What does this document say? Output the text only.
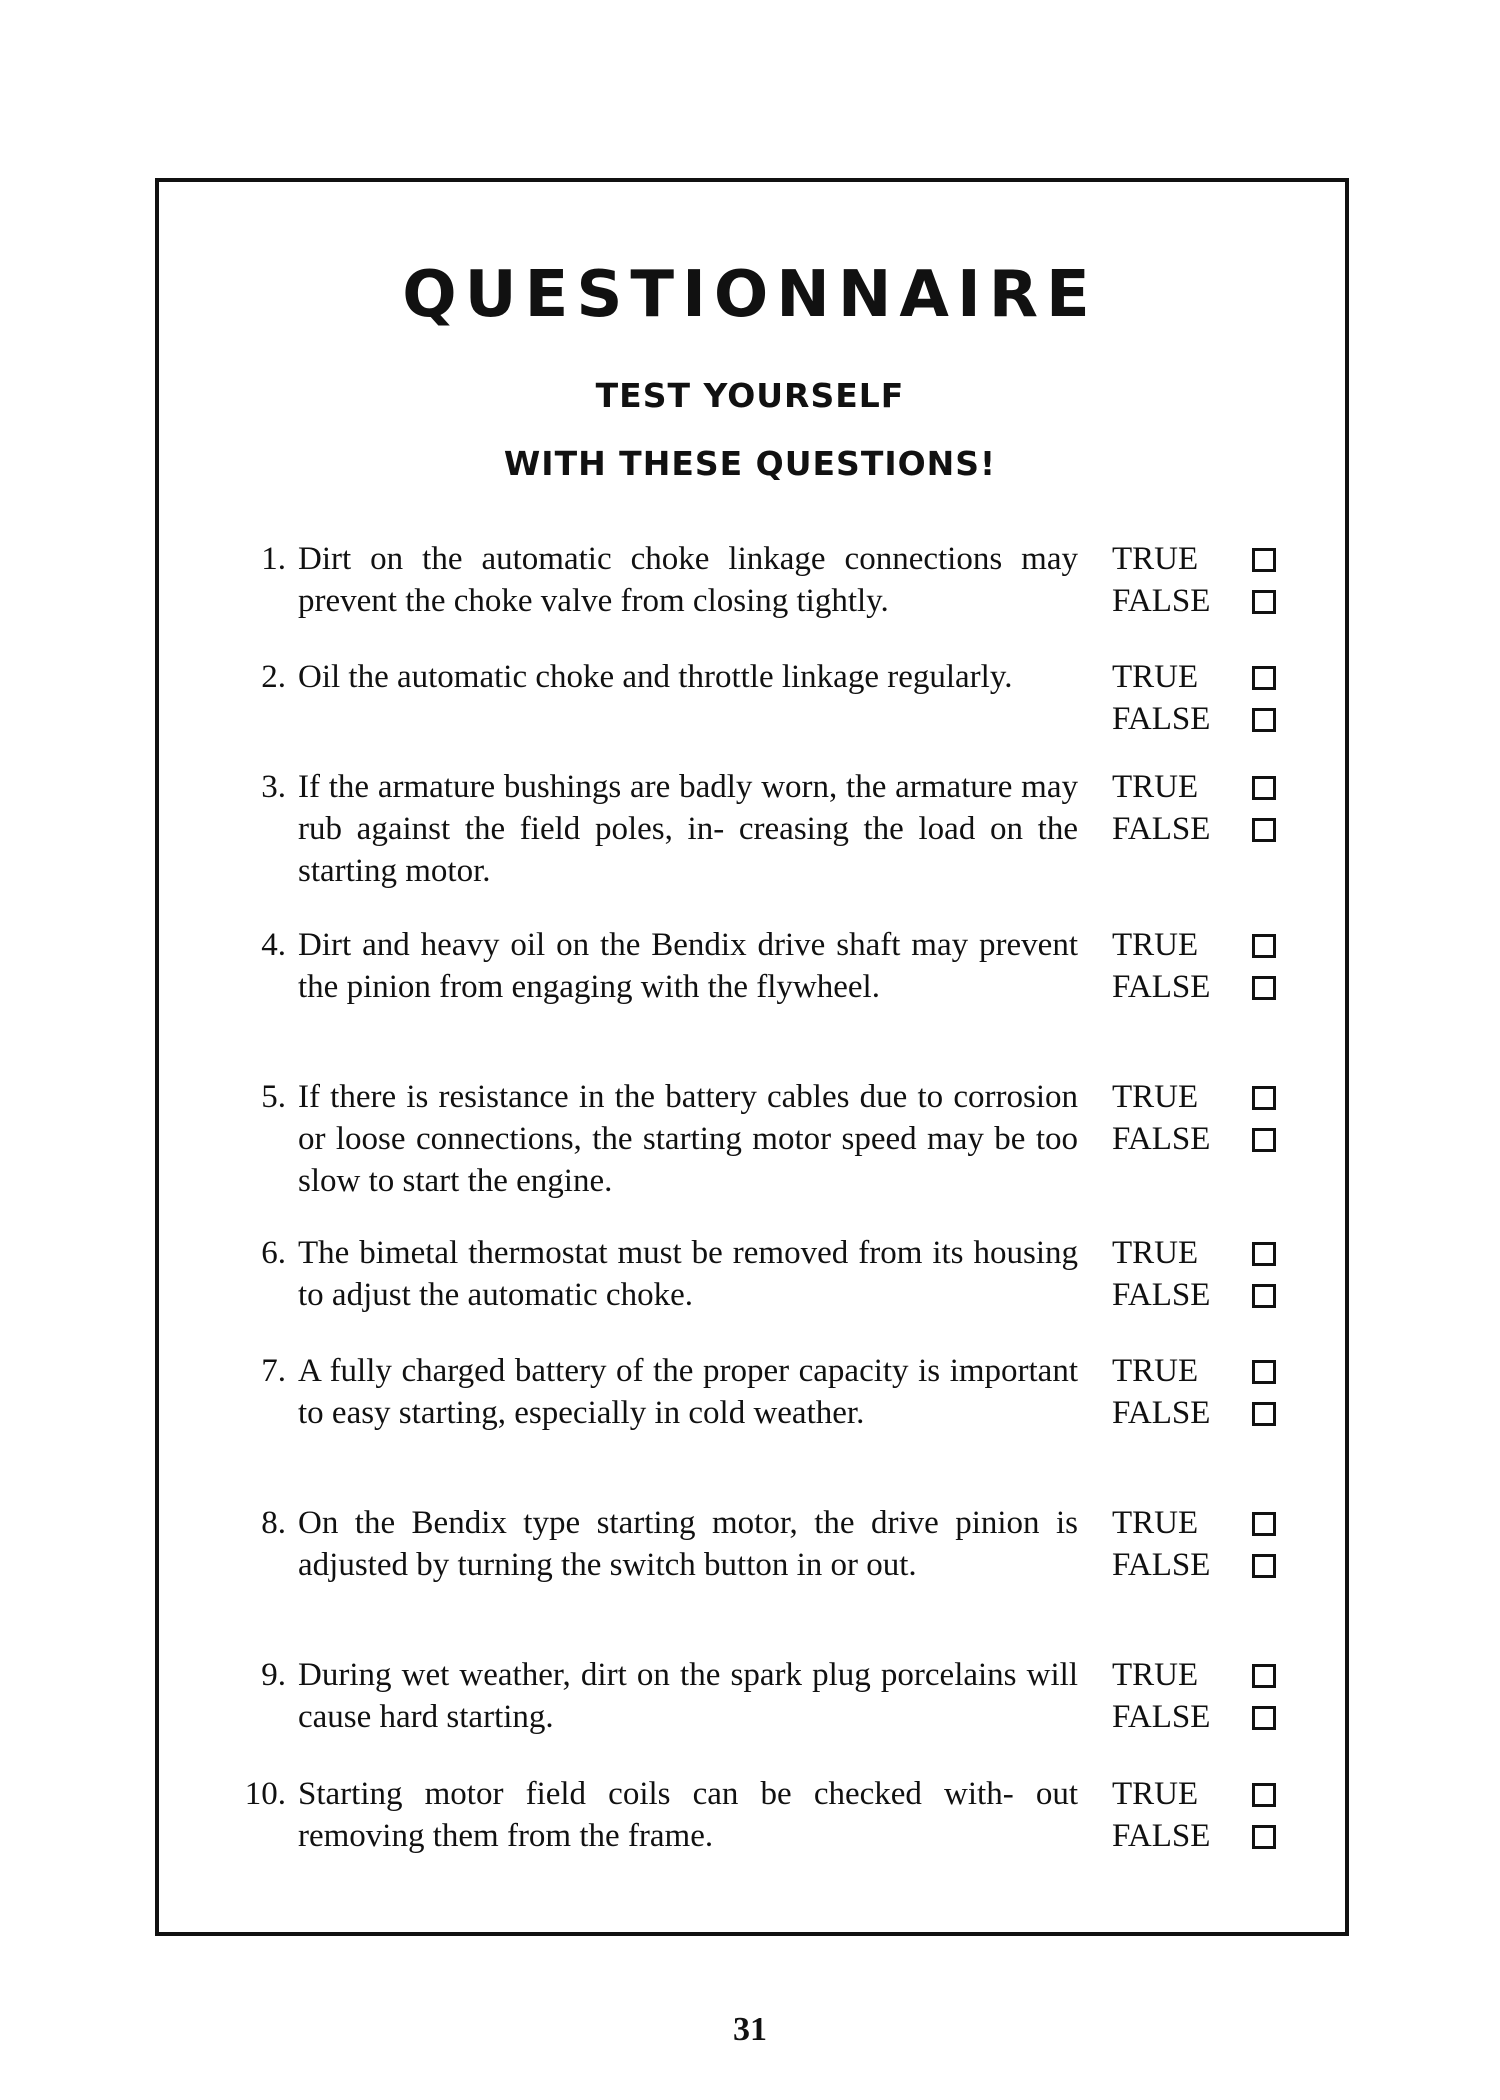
QUESTIONNAIRE
TEST YOURSELF
WITH THESE QUESTIONS!
1. Dirt on the automatic choke linkage connections may prevent the choke valve from closing tightly.
TRUE
FALSE
2. Oil the automatic choke and throttle linkage regularly.	TRUE
FALSE
3. If the armature bushings are badly worn, the armature may rub against the field poles, in- creasing the load on the starting motor.
TRUE
FALSE
4. Dirt and heavy oil on the Bendix drive shaft may prevent the pinion from engaging with the flywheel.
TRUE
FALSE
5. If there is resistance in the battery cables due to corrosion or loose connections, the starting motor speed may be too slow to start the engine.
TRUE
FALSE
6. The bimetal thermostat must be removed from its housing to adjust the automatic choke.
TRUE
FALSE
7. A fully charged battery of the proper capacity is important to easy starting, especially in cold weather.
TRUE
FALSE
8. On the Bendix type starting motor, the drive pinion is adjusted by turning the switch button in or out.
TRUE
FALSE
9. During wet weather, dirt on the spark plug porcelains will cause hard starting.
TRUE
FALSE
10. Starting motor field coils can be checked with- out removing them from the frame.
TRUE
FALSE
31
